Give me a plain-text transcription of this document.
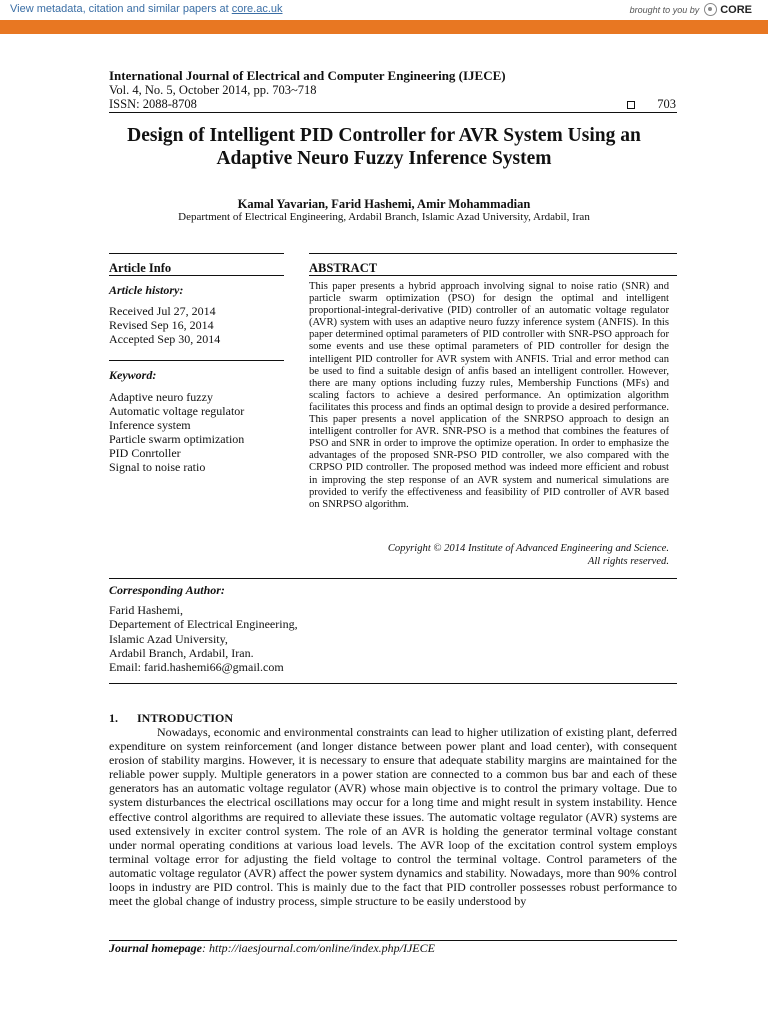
View metadata, citation and similar papers at core.ac.uk	brought to you by CORE
provided by Institute of Advanced Engineering and Science
International Journal of Electrical and Computer Engineering (IJECE)
Vol. 4, No. 5, October 2014, pp. 703~718
ISSN: 2088-8708	703
Design of Intelligent PID Controller for AVR System Using an
Adaptive Neuro Fuzzy Inference System
Kamal Yavarian, Farid Hashemi, Amir Mohammadian
Department of Electrical Engineering, Ardabil Branch, Islamic Azad University, Ardabil, Iran
Article Info
Article history:
Received Jul 27, 2014
Revised Sep 16, 2014
Accepted Sep 30, 2014
Keyword:
Adaptive neuro fuzzy
Automatic voltage regulator
Inference system
Particle swarm optimization
PID Conrtoller
Signal to noise ratio
ABSTRACT
This paper presents a hybrid approach involving signal to noise ratio (SNR) and particle swarm optimization (PSO) for design the optimal and intelligent proportional-integral-derivative (PID) controller of an automatic voltage regulator (AVR) system with uses an adaptive neuro fuzzy inference system (ANFIS). In this paper determined optimal parameters of PID controller with SNR-PSO approach for some events and use these optimal parameters of PID controller for design the intelligent PID controller for AVR system with ANFIS. Trial and error method can be used to find a suitable design of anfis based an intelligent controller. However, there are many options including fuzzy rules, Membership Functions (MFs) and scaling factors to achieve a desired performance. An optimization algorithm facilitates this process and finds an optimal design to provide a desired performance. This paper presents a novel application of the SNRPSO approach to design an intelligent controller for AVR. SNR-PSO is a method that combines the features of PSO and SNR in order to improve the optimize operation. In order to emphasize the advantages of the proposed SNR-PSO PID controller, we also compared with the CRPSO PID controller. The proposed method was indeed more efficient and robust in improving the step response of an AVR system and numerical simulations are provided to verify the effectiveness and feasibility of PID controller of AVR based on SNRPSO algorithm.
Copyright © 2014 Institute of Advanced Engineering and Science.
All rights reserved.
Corresponding Author:
Farid Hashemi,
Departement of Electrical Engineering,
Islamic Azad University,
Ardabil Branch, Ardabil, Iran.
Email: farid.hashemi66@gmail.com
1. INTRODUCTION
Nowadays, economic and environmental constraints can lead to higher utilization of existing plant, deferred expenditure on system reinforcement (and longer distance between power plant and load center), with consequent erosion of stability margins. However, it is necessary to ensure that adequate stability margins are maintained for the reliable power supply. Multiple generators in a power station are connected to a common bus bar and each of these generators has an automatic voltage regulator (AVR) whose main objective is to control the primary voltage. Due to system disturbances the electrical oscillations may occur for a long time and might result in system instability. Hence effective control algorithms are required to alleviate these issues. The automatic voltage regulator (AVR) systems are used extensively in exciter control system. The role of an AVR is holding the generator terminal voltage constant under normal operating conditions at various load levels. The AVR loop of the excitation control system employs terminal voltage error for adjusting the field voltage to control the terminal voltage. Control parameters of the automatic voltage regulator (AVR) affect the power system dynamics and stability. Nowadays, more than 90% control loops in industry are PID control. This is mainly due to the fact that PID controller possesses robust performance to meet the global change of industry process, simple structure to be easily understood by
Journal homepage: http://iaesjournal.com/online/index.php/IJECE
